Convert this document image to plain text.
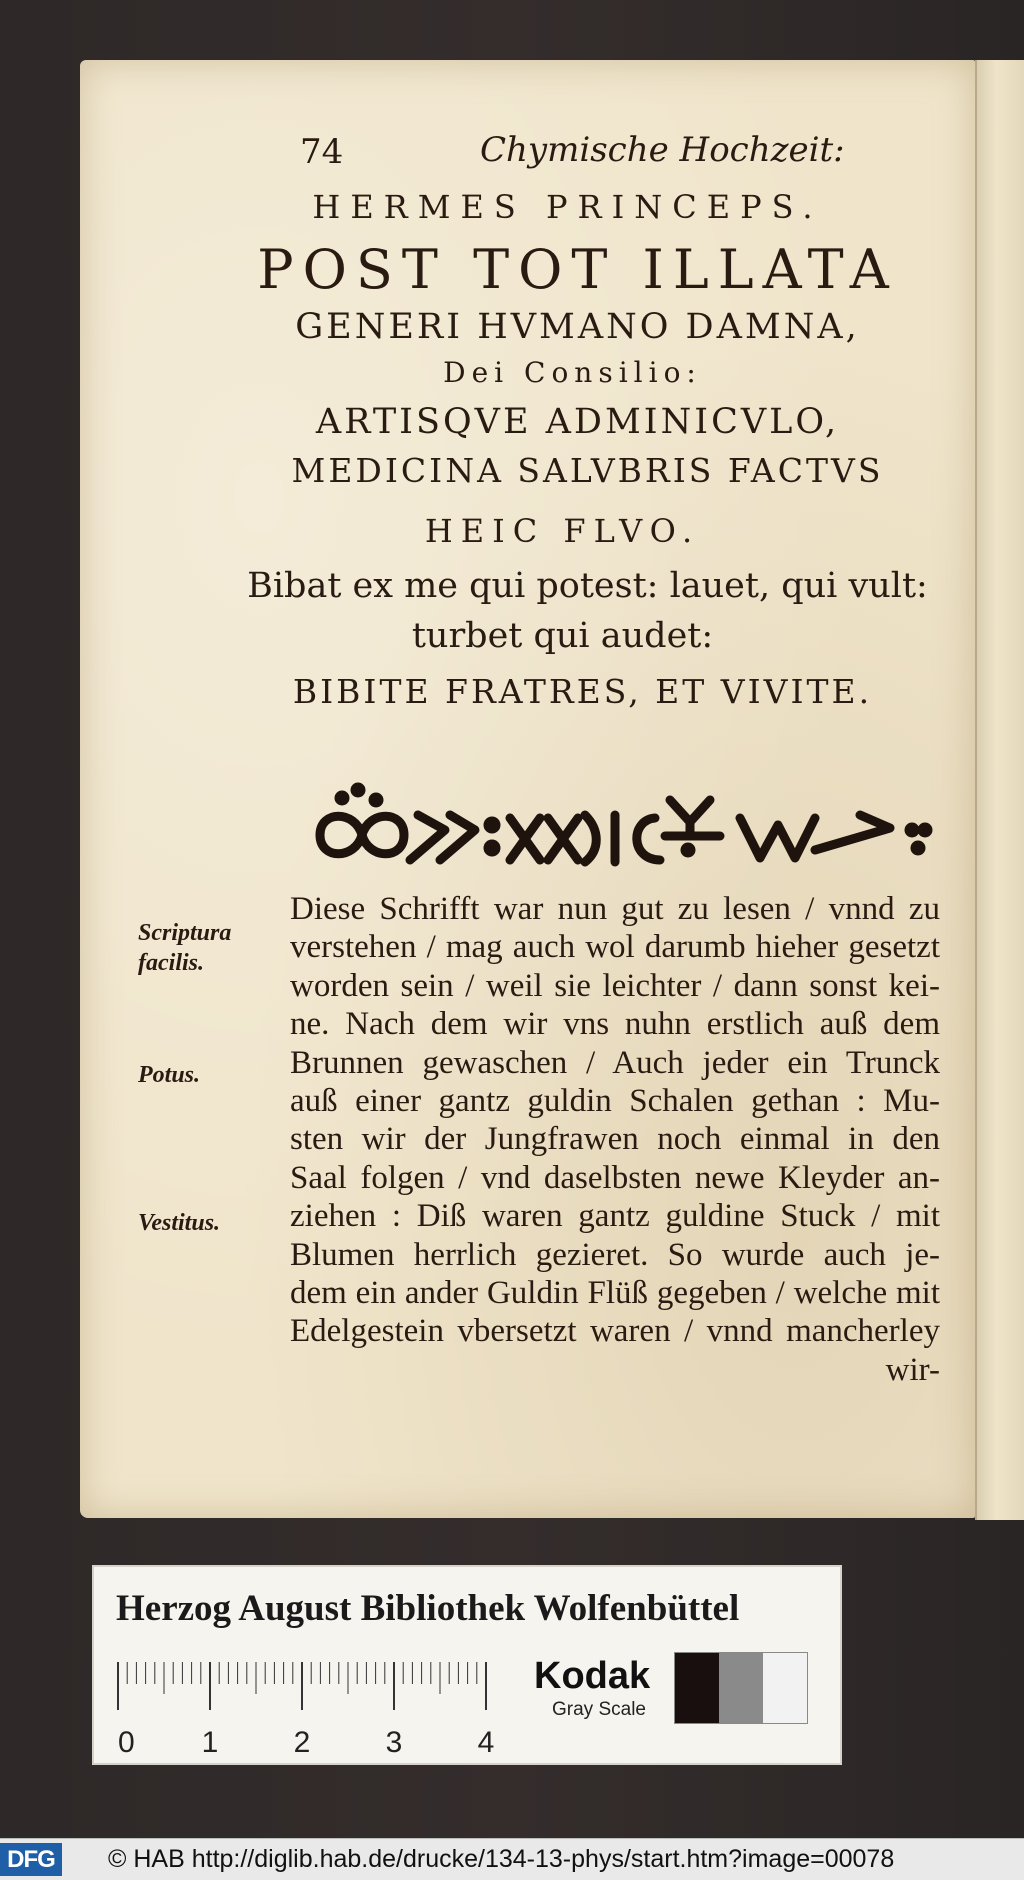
74	Chymische Hochzeit:
HERMES PRINCEPS.
POST TOT ILLATA
GENERI HVMANO DAMNA,
Dei Consilio:
ARTISQVE ADMINICVLO,
MEDICINA SALVBRIS FACTVS
HEIC FLVO.
Bibat ex me qui potest: lauet, qui vult:
turbet qui audet:
BIBITE FRATRES, ET VIVITE.
Scriptura facilis.
Potus.
Vestitus.
Diese Schrifft war nun gut zu lesen / vnnd zu
verstehen / mag auch wol darumb hieher gesetzt
worden sein / weil sie leichter / dann sonst kei-
ne. Nach dem wir vns nuhn erstlich auß dem
Brunnen gewaschen / Auch jeder ein Trunck
auß einer gantz guldin Schalen gethan : Mu-
sten wir der Jungfrawen noch einmal in den
Saal folgen / vnd daselbsten newe Kleyder an-
ziehen : Diß waren gantz guldine Stuck / mit
Blumen herrlich gezieret. So wurde auch je-
dem ein ander Guldin Flüß gegeben / welche mit
Edelgestein vbersetzt waren / vnnd mancherley
wir-
Herzog August Bibliothek Wolfenbüttel
0 1	2	3	4
Kodak
Gray Scale
DFG © HAB http://diglib.hab.de/drucke/134-13-phys/start.htm?image=00078
